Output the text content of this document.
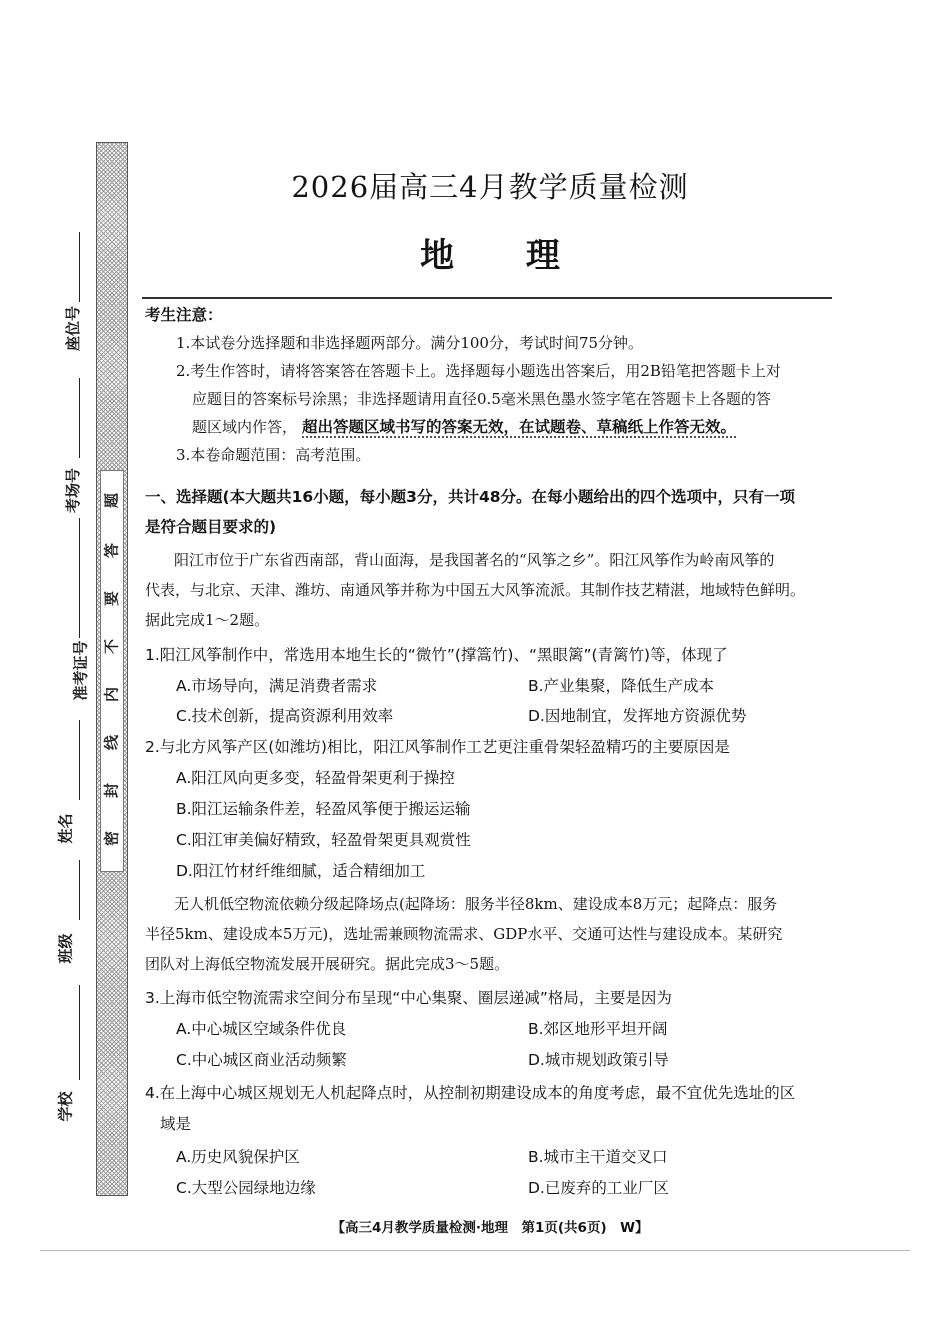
题
答
要
不
内
线
封
密
座位号
考场号
准考证号
姓名
班级
学校
2026届高三4月教学质量检测
地 理
考生注意：
1.本试卷分选择题和非选择题两部分。满分100分，考试时间75分钟。
2.考生作答时，请将答案答在答题卡上。选择题每小题选出答案后，用2B铅笔把答题卡上对
应题目的答案标号涂黑；非选择题请用直径0.5毫米黑色墨水签字笔在答题卡上各题的答
题区域内作答， 超出答题区域书写的答案无效，在试题卷、草稿纸上作答无效。
3.本卷命题范围：高考范围。
一、选择题(本大题共16小题，每小题3分，共计48分。在每小题给出的四个选项中，只有一项
是符合题目要求的)
阳江市位于广东省西南部，背山面海，是我国著名的“风筝之乡”。阳江风筝作为岭南风筝的
代表，与北京、天津、潍坊、南通风筝并称为中国五大风筝流派。其制作技艺精湛，地域特色鲜明。
据此完成1～2题。
1.阳江风筝制作中，常选用本地生长的“微竹”(撑篙竹)、“黑眼篱”(青篱竹)等，体现了
A.市场导向，满足消费者需求	B.产业集聚，降低生产成本
C.技术创新，提高资源利用效率	D.因地制宜，发挥地方资源优势
2.与北方风筝产区(如潍坊)相比，阳江风筝制作工艺更注重骨架轻盈精巧的主要原因是
A.阳江风向更多变，轻盈骨架更利于操控
B.阳江运输条件差，轻盈风筝便于搬运运输
C.阳江审美偏好精致，轻盈骨架更具观赏性
D.阳江竹材纤维细腻，适合精细加工
无人机低空物流依赖分级起降场点(起降场：服务半径8km、建设成本8万元；起降点：服务
半径5km、建设成本5万元)，选址需兼顾物流需求、GDP水平、交通可达性与建设成本。某研究
团队对上海低空物流发展开展研究。据此完成3～5题。
3.上海市低空物流需求空间分布呈现“中心集聚、圈层递减”格局，主要是因为
A.中心城区空域条件优良	B.郊区地形平坦开阔
C.中心城区商业活动频繁	D.城市规划政策引导
4.在上海中心城区规划无人机起降点时，从控制初期建设成本的角度考虑，最不宜优先选址的区
域是
A.历史风貌保护区	B.城市主干道交叉口
C.大型公园绿地边缘	D.已废弃的工业厂区
【高三4月教学质量检测·地理　第1页(共6页)　W】
